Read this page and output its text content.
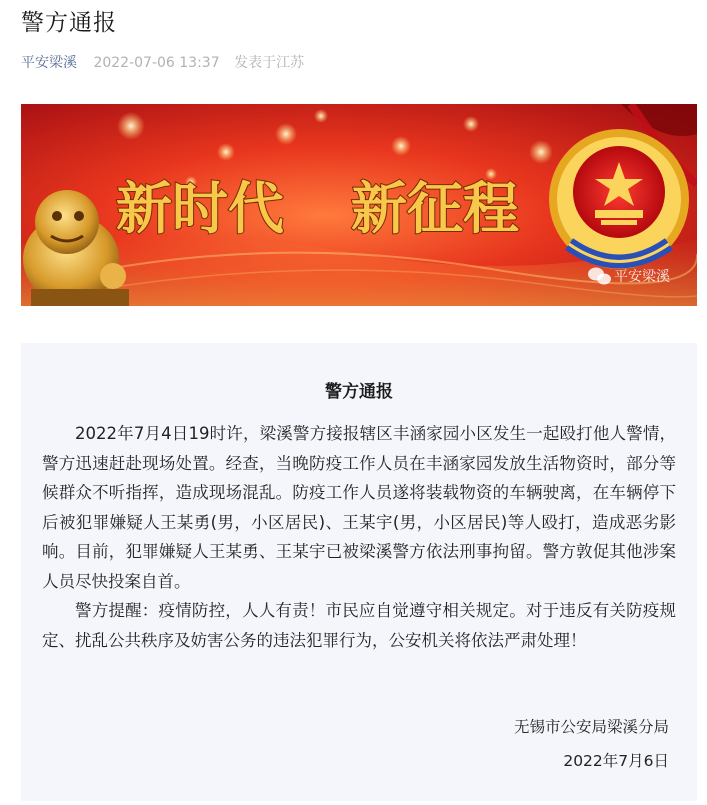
警方通报
平安梁溪 2022-07-06 13:37 发表于江苏
新时代 新征程
平安梁溪
警方通报

2022年7月4日19时许，梁溪警方接报辖区丰涵家园小区发生一起殴打他人警情，警方迅速赶赴现场处置。经查，当晚防疫工作人员在丰涵家园发放生活物资时，部分等候群众不听指挥，造成现场混乱。防疫工作人员遂将装载物资的车辆驶离，在车辆停下后被犯罪嫌疑人王某勇(男，小区居民)、王某宇(男，小区居民)等人殴打，造成恶劣影响。目前，犯罪嫌疑人王某勇、王某宇已被梁溪警方依法刑事拘留。警方敦促其他涉案人员尽快投案自首。

警方提醒：疫情防控，人人有责！市民应自觉遵守相关规定。对于违反有关防疫规定、扰乱公共秩序及妨害公务的违法犯罪行为，公安机关将依法严肃处理！

无锡市公安局梁溪分局
2022年7月6日
